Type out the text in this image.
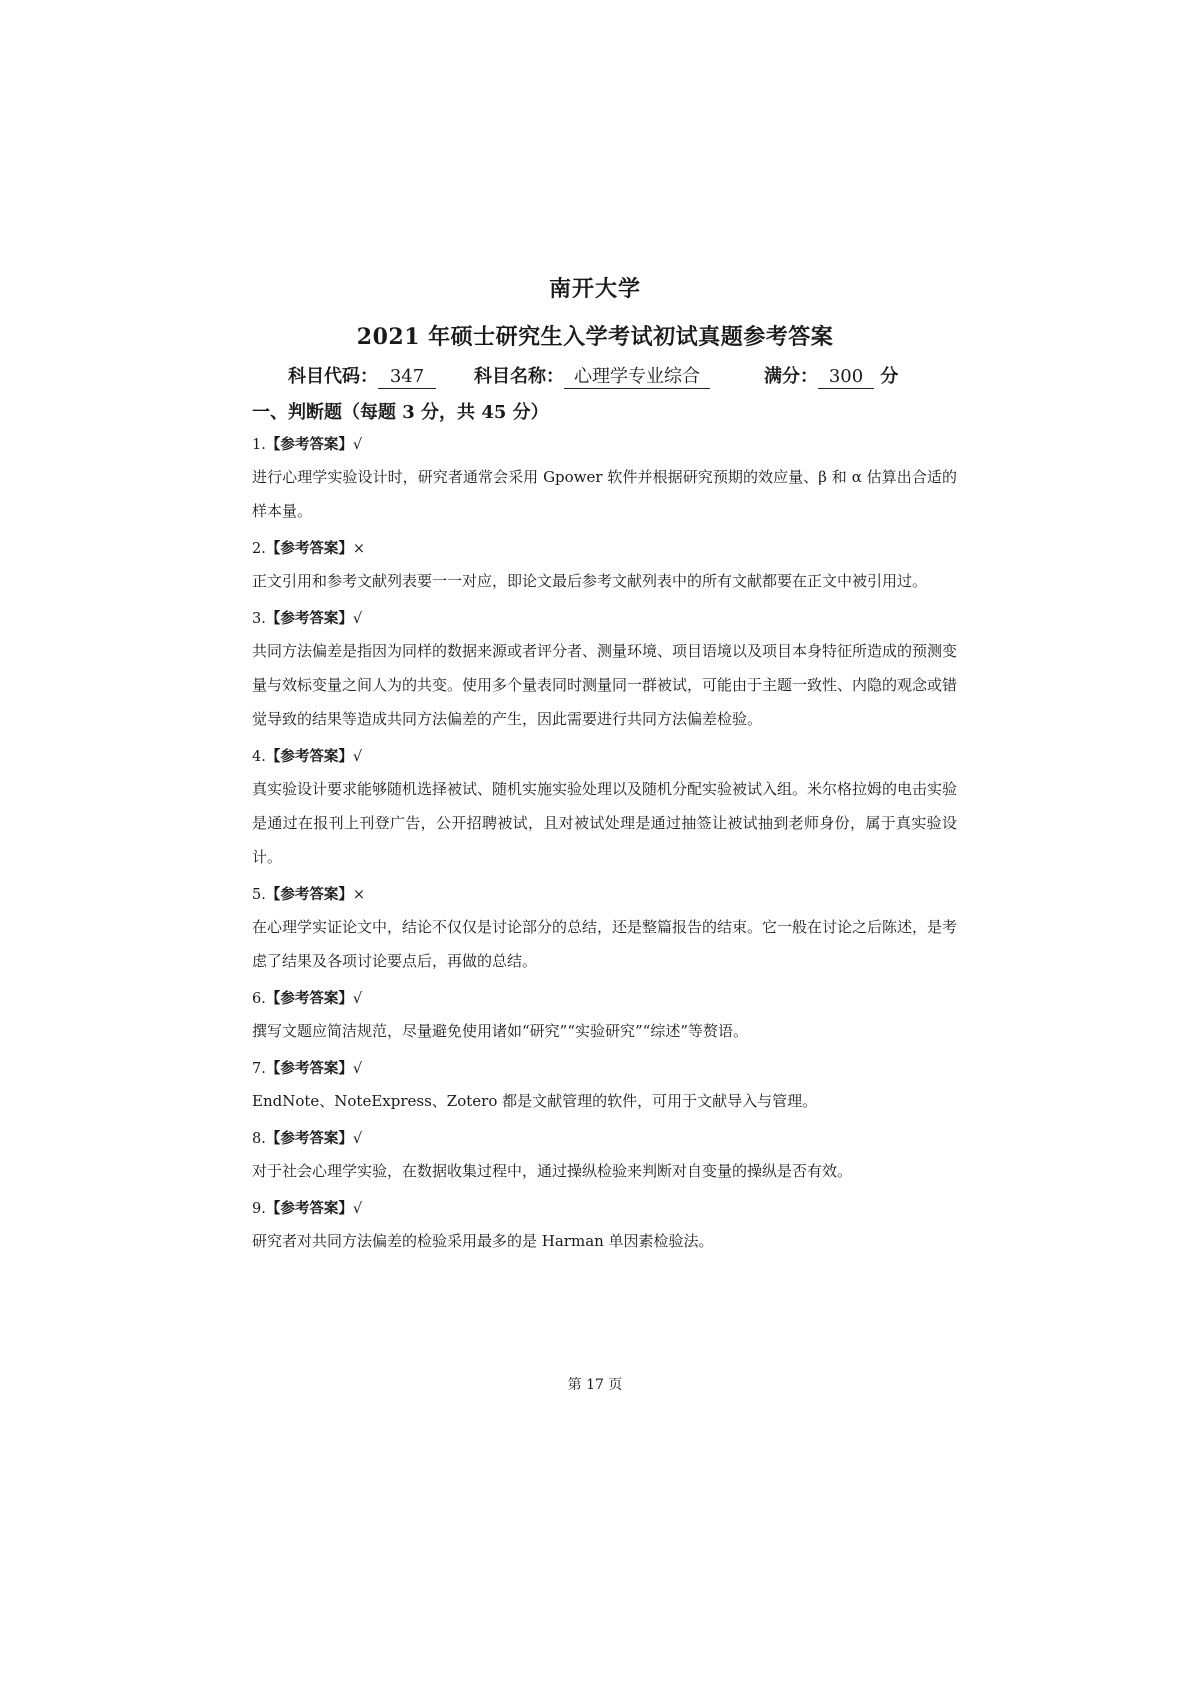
南开大学
2021 年硕士研究生入学考试初试真题参考答案
科目代码： 347	科目名称： 心理学专业综合	满分： 300 分
一、判断题（每题 3 分，共 45 分）

1.【参考答案】√

进行心理学实验设计时，研究者通常会采用 Gpower 软件并根据研究预期的效应量、β 和 α 估算出合适的样本量。

2.【参考答案】×

正文引用和参考文献列表要一一对应，即论文最后参考文献列表中的所有文献都要在正文中被引用过。

3.【参考答案】√

共同方法偏差是指因为同样的数据来源或者评分者、测量环境、项目语境以及项目本身特征所造成的预测变量与效标变量之间人为的共变。使用多个量表同时测量同一群被试，可能由于主题一致性、内隐的观念或错觉导致的结果等造成共同方法偏差的产生，因此需要进行共同方法偏差检验。

4.【参考答案】√

真实验设计要求能够随机选择被试、随机实施实验处理以及随机分配实验被试入组。米尔格拉姆的电击实验是通过在报刊上刊登广告，公开招聘被试，且对被试处理是通过抽签让被试抽到老师身份，属于真实验设计。

5.【参考答案】×

在心理学实证论文中，结论不仅仅是讨论部分的总结，还是整篇报告的结束。它一般在讨论之后陈述，是考虑了结果及各项讨论要点后，再做的总结。

6.【参考答案】√

撰写文题应简洁规范，尽量避免使用诸如“研究”“实验研究”“综述”等赘语。

7.【参考答案】√

EndNote、NoteExpress、Zotero 都是文献管理的软件，可用于文献导入与管理。

8.【参考答案】√

对于社会心理学实验，在数据收集过程中，通过操纵检验来判断对自变量的操纵是否有效。

9.【参考答案】√

研究者对共同方法偏差的检验采用最多的是 Harman 单因素检验法。

第 17 页
